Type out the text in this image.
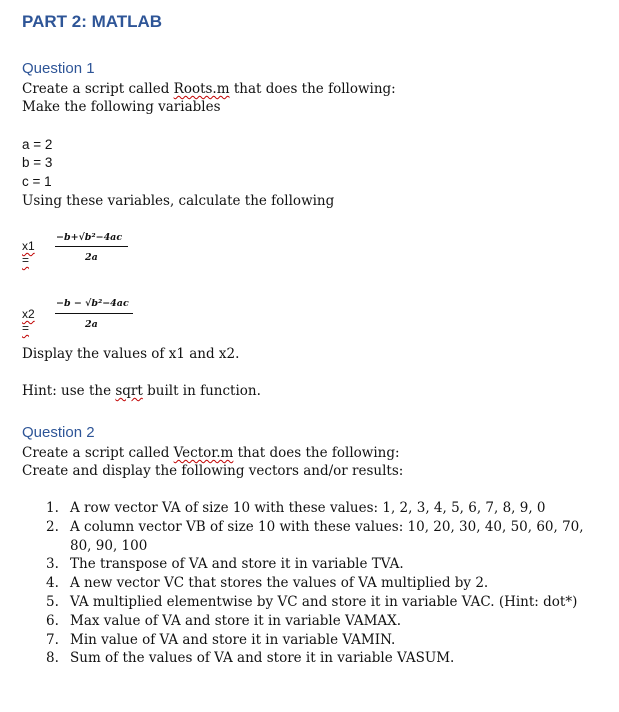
PART 2: MATLAB
Question 1
Create a script called Roots.m that does the following:
Make the following variables
a = 2
b = 3
c = 1
Using these variables, calculate the following
x1 =
−b+√b²−4ac
2a
x2 =
−b − √b²−4ac
2a
Display the values of x1 and x2.
Hint: use the sqrt built in function.
Question 2
Create a script called Vector.m that does the following:
Create and display the following vectors and/or results:
1. A row vector VA of size 10 with these values: 1, 2, 3, 4, 5, 6, 7, 8, 9, 0
2. A column vector VB of size 10 with these values: 10, 20, 30, 40, 50, 60, 70, 80, 90, 100
3. The transpose of VA and store it in variable TVA.
4. A new vector VC that stores the values of VA multiplied by 2.
5. VA multiplied elementwise by VC and store it in variable VAC. (Hint: dot*)
6. Max value of VA and store it in variable VAMAX.
7. Min value of VA and store it in variable VAMIN.
8. Sum of the values of VA and store it in variable VASUM.
